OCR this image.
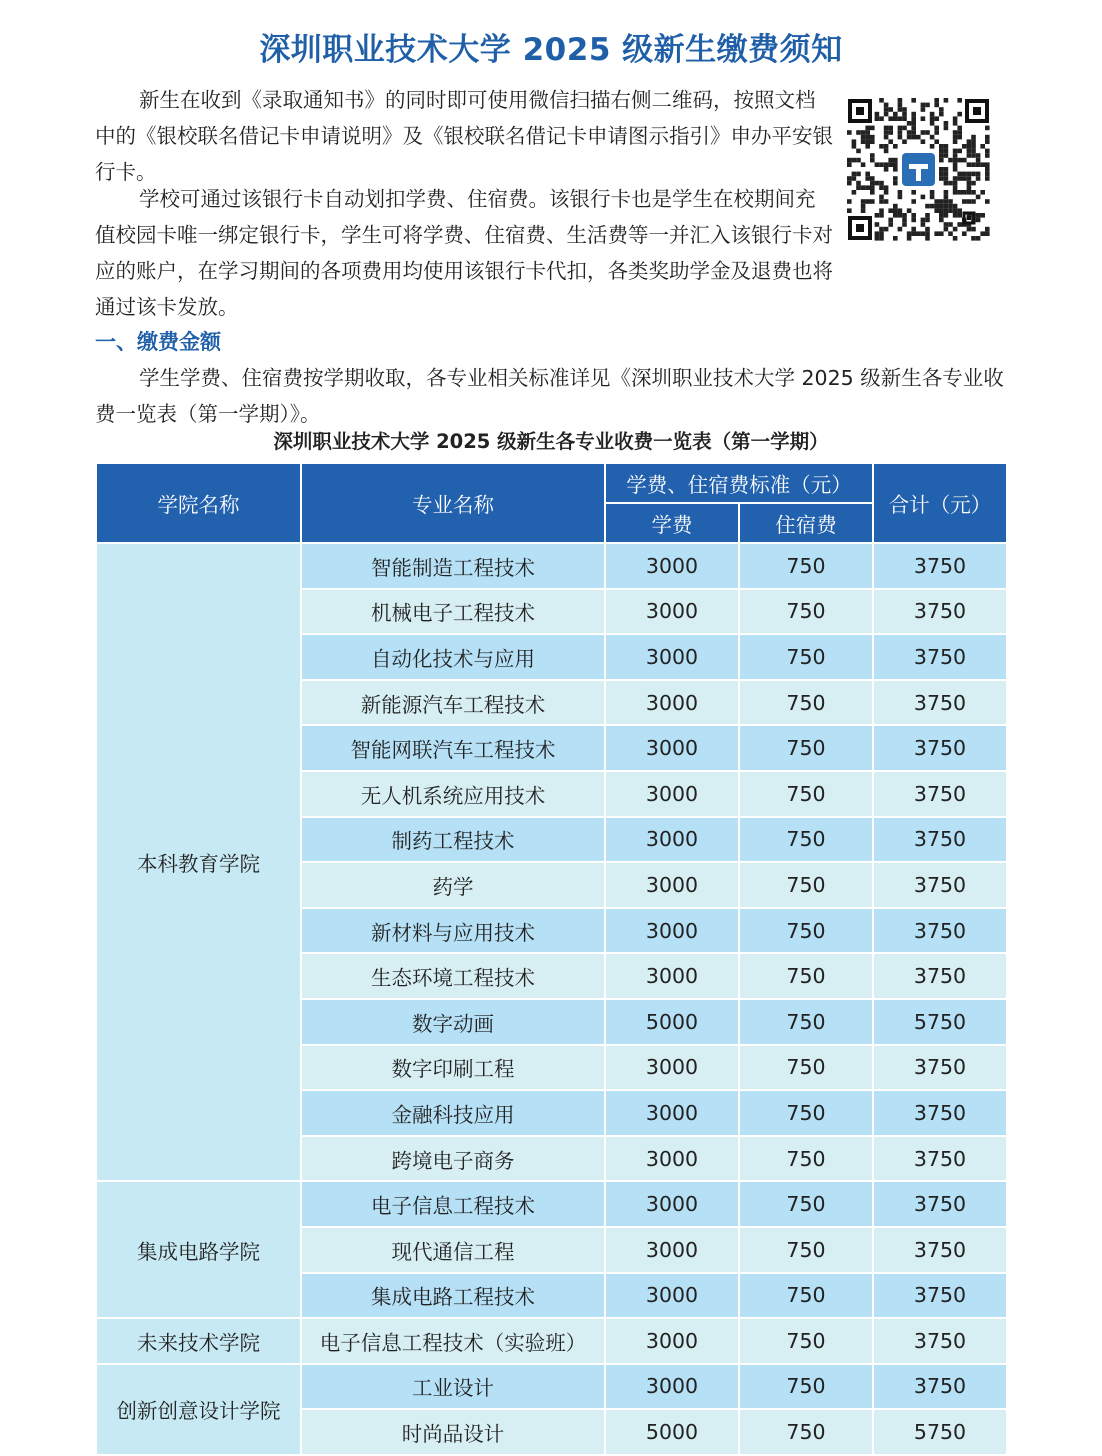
深圳职业技术大学 2025 级新生缴费须知

新生在收到《录取通知书》的同时即可使用微信扫描右侧二维码，按照文档中的《银校联名借记卡申请说明》及《银校联名借记卡申请图示指引》申办平安银行卡。

学校可通过该银行卡自动划扣学费、住宿费。该银行卡也是学生在校期间充值校园卡唯一绑定银行卡，学生可将学费、住宿费、生活费等一并汇入该银行卡对应的账户，在学习期间的各项费用均使用该银行卡代扣，各类奖助学金及退费也将通过该卡发放。

一、缴费金额

学生学费、住宿费按学期收取，各专业相关标准详见《深圳职业技术大学 2025 级新生各专业收费一览表（第一学期）》。

深圳职业技术大学 2025 级新生各专业收费一览表（第一学期）
学院名称	专业名称	学费、住宿费标准（元）		合计（元）
		学费	住宿费	
本科教育学院	智能制造工程技术	3000	750	3750
	机械电子工程技术	3000	750	3750
	自动化技术与应用	3000	750	3750
	新能源汽车工程技术	3000	750	3750
	智能网联汽车工程技术	3000	750	3750
	无人机系统应用技术	3000	750	3750
	制药工程技术	3000	750	3750
	药学	3000	750	3750
	新材料与应用技术	3000	750	3750
	生态环境工程技术	3000	750	3750
	数字动画	5000	750	5750
	数字印刷工程	3000	750	3750
	金融科技应用	3000	750	3750
	跨境电子商务	3000	750	3750
集成电路学院	电子信息工程技术	3000	750	3750
	现代通信工程	3000	750	3750
	集成电路工程技术	3000	750	3750
未来技术学院	电子信息工程技术（实验班）	3000	750	3750
创新创意设计学院	工业设计	3000	750	3750
	时尚品设计	5000	750	5750
